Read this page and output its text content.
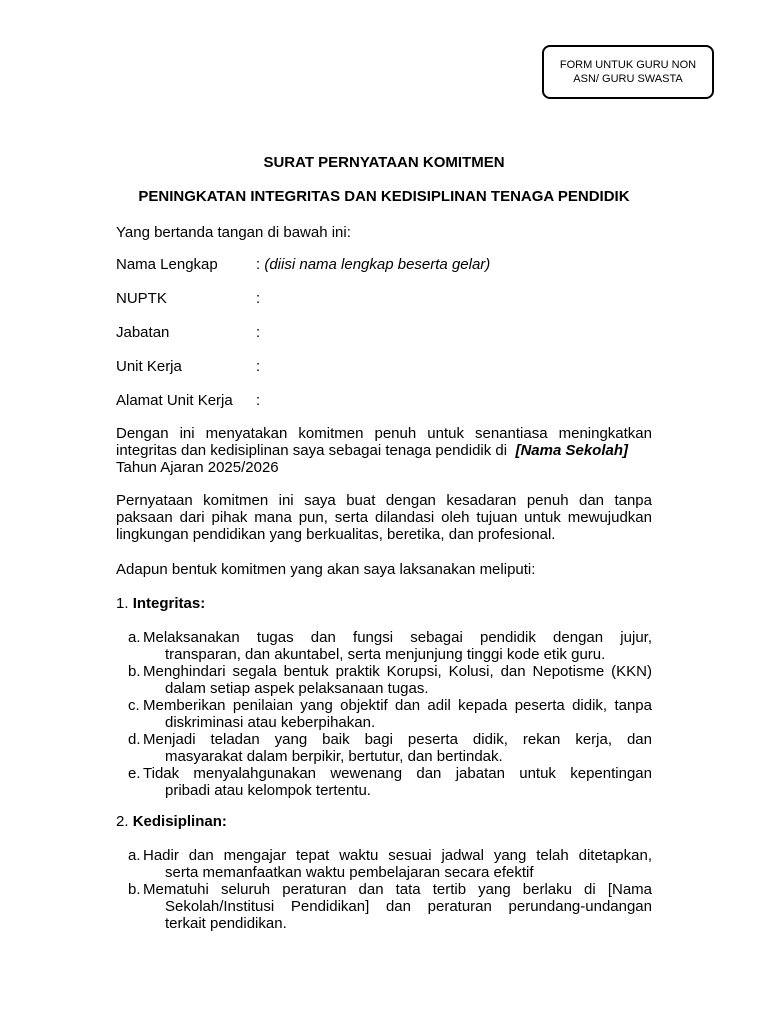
FORM UNTUK GURU NON
ASN/ GURU SWASTA
SURAT PERNYATAAN KOMITMEN
PENINGKATAN INTEGRITAS DAN KEDISIPLINAN TENAGA PENDIDIK
Yang bertanda tangan di bawah ini:
Nama Lengkap	: (diisi nama lengkap beserta gelar)
NUPTK	:
Jabatan	:
Unit Kerja	:
Alamat Unit Kerja :
Dengan ini menyatakan komitmen penuh untuk senantiasa meningkatkan
integritas dan kedisiplinan saya sebagai tenaga pendidik di [Nama Sekolah]
Tahun Ajaran 2025/2026
Pernyataan komitmen ini saya buat dengan kesadaran penuh dan tanpa
paksaan dari pihak mana pun, serta dilandasi oleh tujuan untuk mewujudkan
lingkungan pendidikan yang berkualitas, beretika, dan profesional.
Adapun bentuk komitmen yang akan saya laksanakan meliputi:
1. Integritas:
a. Melaksanakan tugas dan fungsi sebagai pendidik dengan jujur,
transparan, dan akuntabel, serta menjunjung tinggi kode etik guru.
b. Menghindari segala bentuk praktik Korupsi, Kolusi, dan Nepotisme (KKN)
dalam setiap aspek pelaksanaan tugas.
c. Memberikan penilaian yang objektif dan adil kepada peserta didik, tanpa
diskriminasi atau keberpihakan.
d. Menjadi teladan yang baik bagi peserta didik, rekan kerja, dan
masyarakat dalam berpikir, bertutur, dan bertindak.
e. Tidak menyalahgunakan wewenang dan jabatan untuk kepentingan
pribadi atau kelompok tertentu.
2. Kedisiplinan:
a. Hadir dan mengajar tepat waktu sesuai jadwal yang telah ditetapkan,
serta memanfaatkan waktu pembelajaran secara efektif
b. Mematuhi seluruh peraturan dan tata tertib yang berlaku di [Nama
Sekolah/Institusi Pendidikan] dan peraturan perundang-undangan
terkait pendidikan.
